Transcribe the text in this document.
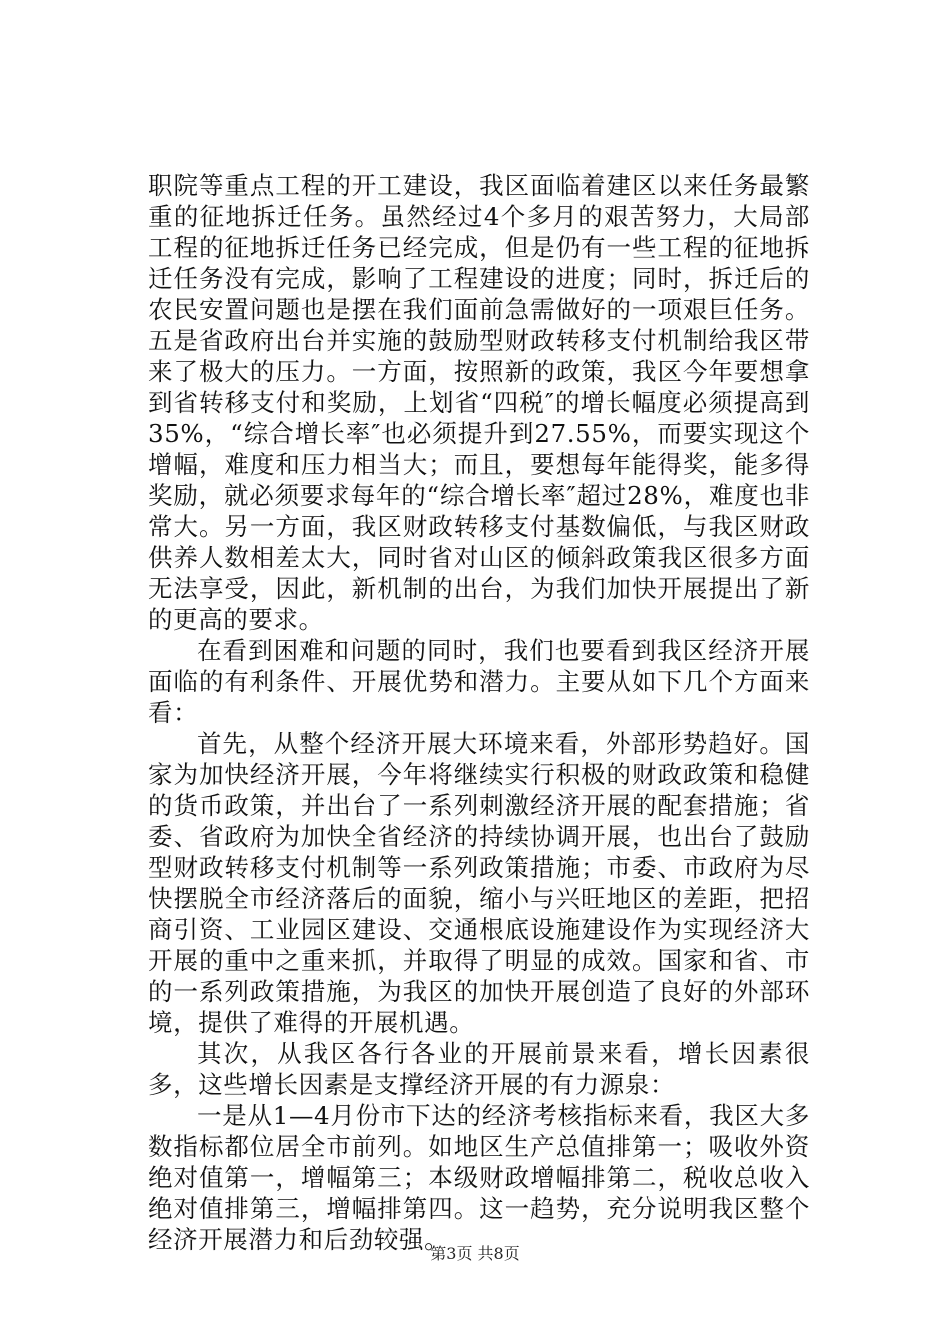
职院等重点工程的开工建设，我区面临着建区以来任务最繁重的征地拆迁任务。虽然经过4个多月的艰苦努力，大局部工程的征地拆迁任务已经完成，但是仍有一些工程的征地拆迁任务没有完成，影响了工程建设的进度；同时，拆迁后的农民安置问题也是摆在我们面前急需做好的一项艰巨任务。五是省政府出台并实施的鼓励型财政转移支付机制给我区带来了极大的压力。一方面，按照新的政策，我区今年要想拿到省转移支付和奖励，上划省“四税″的增长幅度必须提高到35%，“综合增长率″也必须提升到27.55%，而要实现这个增幅，难度和压力相当大；而且，要想每年能得奖，能多得奖励，就必须要求每年的“综合增长率″超过28%，难度也非常大。另一方面，我区财政转移支付基数偏低，与我区财政供养人数相差太大，同时省对山区的倾斜政策我区很多方面无法享受，因此，新机制的出台，为我们加快开展提出了新的更高的要求。

在看到困难和问题的同时，我们也要看到我区经济开展面临的有利条件、开展优势和潜力。主要从如下几个方面来看：

首先，从整个经济开展大环境来看，外部形势趋好。国家为加快经济开展，今年将继续实行积极的财政政策和稳健的货币政策，并出台了一系列刺激经济开展的配套措施；省委、省政府为加快全省经济的持续协调开展，也出台了鼓励型财政转移支付机制等一系列政策措施；市委、市政府为尽快摆脱全市经济落后的面貌，缩小与兴旺地区的差距，把招商引资、工业园区建设、交通根底设施建设作为实现经济大开展的重中之重来抓，并取得了明显的成效。国家和省、市的一系列政策措施，为我区的加快开展创造了良好的外部环境，提供了难得的开展机遇。

其次，从我区各行各业的开展前景来看，增长因素很多，这些增长因素是支撑经济开展的有力源泉：

一是从1—4月份市下达的经济考核指标来看，我区大多数指标都位居全市前列。如地区生产总值排第一；吸收外资绝对值第一，增幅第三；本级财政增幅排第二，税收总收入绝对值排第三，增幅排第四。这一趋势，充分说明我区整个经济开展潜力和后劲较强。

第3页 共8页
